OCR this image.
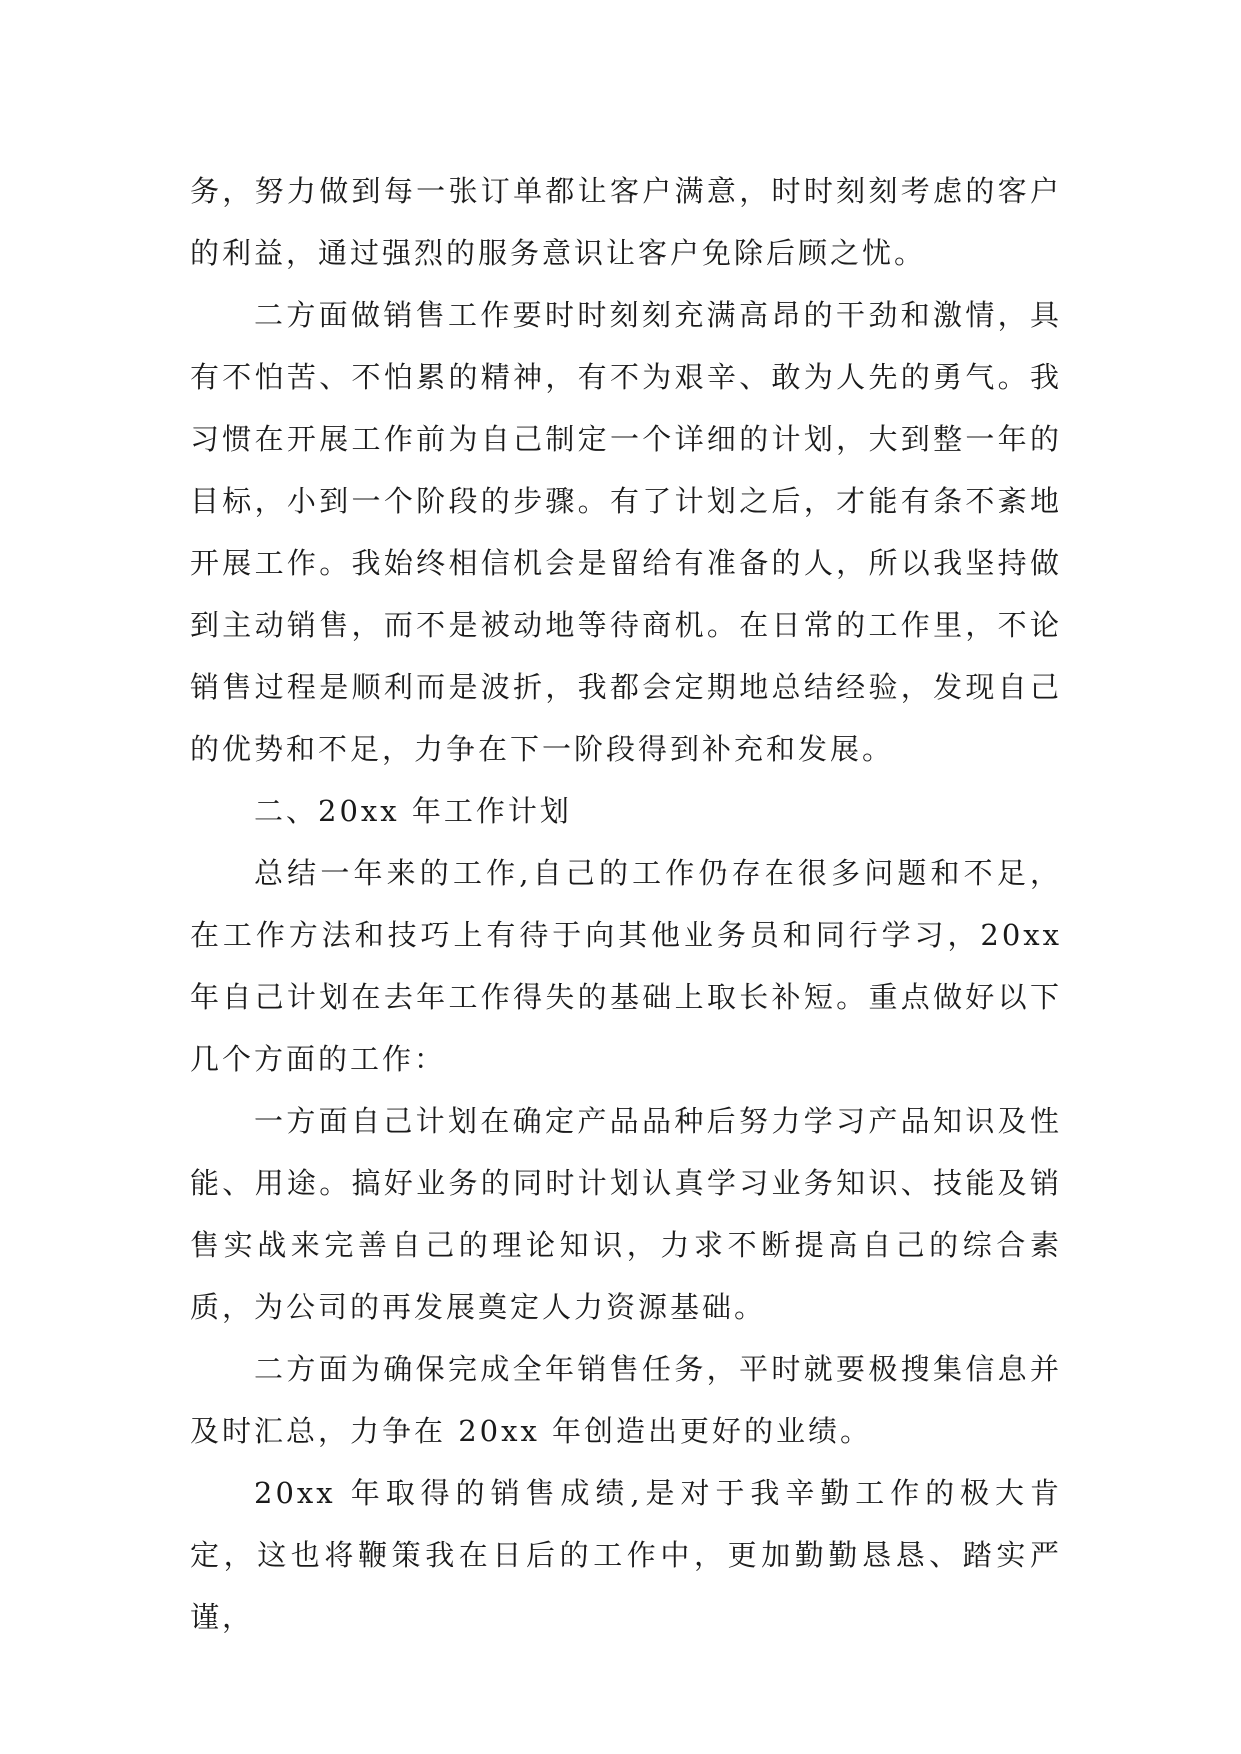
务，努力做到每一张订单都让客户满意，时时刻刻考虑的客户的利益，通过强烈的服务意识让客户免除后顾之忧。

二方面做销售工作要时时刻刻充满高昂的干劲和激情，具有不怕苦、不怕累的精神，有不为艰辛、敢为人先的勇气。我习惯在开展工作前为自己制定一个详细的计划，大到整一年的目标，小到一个阶段的步骤。有了计划之后，才能有条不紊地开展工作。我始终相信机会是留给有准备的人，所以我坚持做到主动销售，而不是被动地等待商机。在日常的工作里，不论销售过程是顺利而是波折，我都会定期地总结经验，发现自己的优势和不足，力争在下一阶段得到补充和发展。

二、20xx 年工作计划

总结一年来的工作,自己的工作仍存在很多问题和不足，在工作方法和技巧上有待于向其他业务员和同行学习，20xx年自己计划在去年工作得失的基础上取长补短。重点做好以下几个方面的工作：

一方面自己计划在确定产品品种后努力学习产品知识及性能、用途。搞好业务的同时计划认真学习业务知识、技能及销售实战来完善自己的理论知识，力求不断提高自己的综合素质，为公司的再发展奠定人力资源基础。

二方面为确保完成全年销售任务，平时就要极搜集信息并及时汇总，力争在 20xx 年创造出更好的业绩。

20xx 年取得的销售成绩,是对于我辛勤工作的极大肯定，这也将鞭策我在日后的工作中，更加勤勤恳恳、踏实严谨，
